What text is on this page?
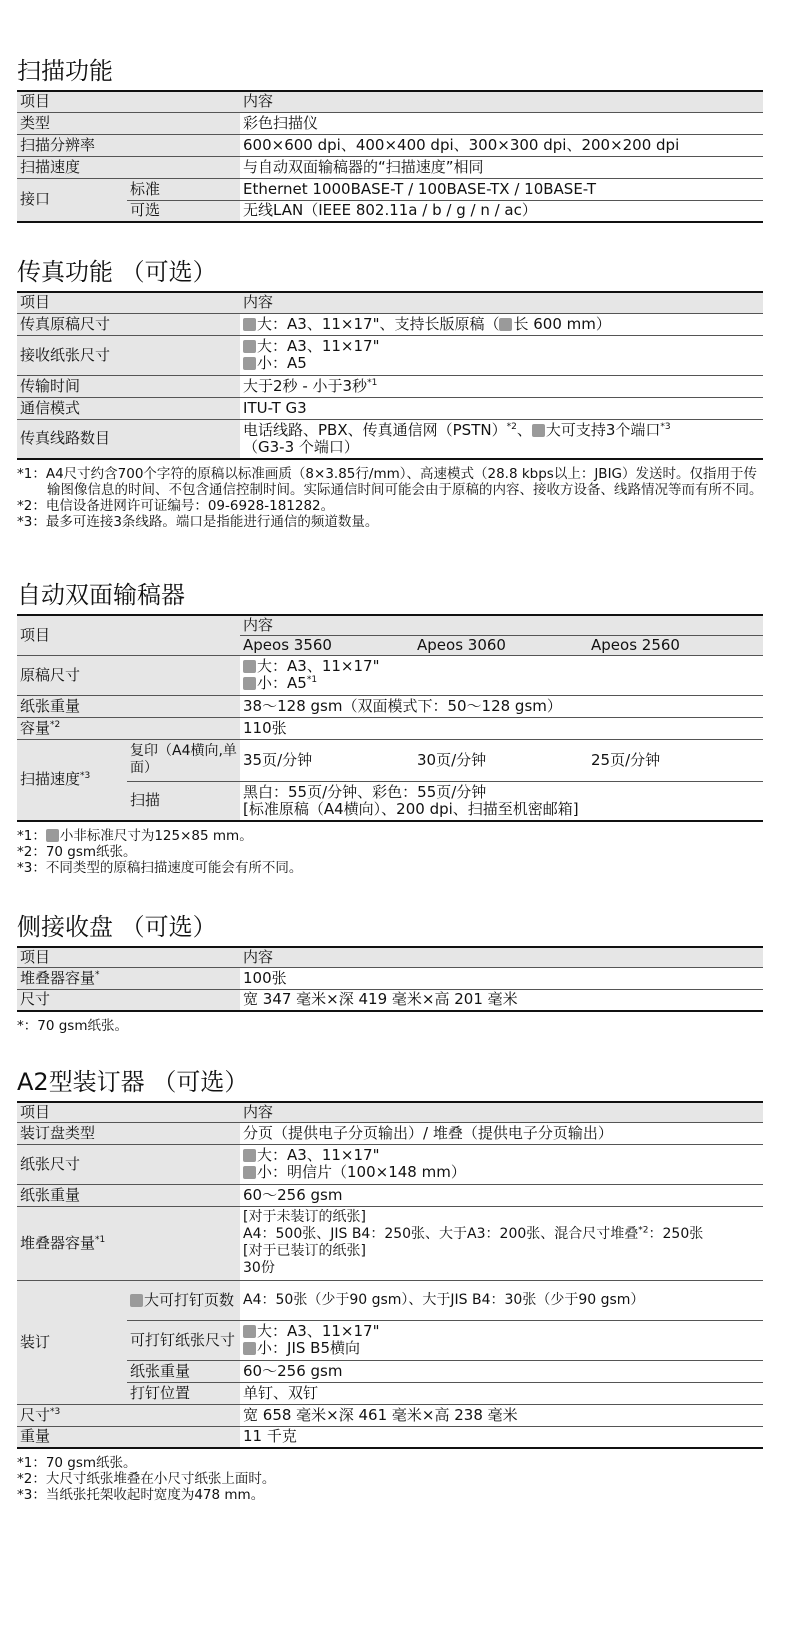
扫描功能
项目		内容
类型		彩色扫描仪
扫描分辨率		600×600 dpi、400×400 dpi、300×300 dpi、200×200 dpi
扫描速度		与自动双面输稿器的“扫描速度”相同
接口	标准	Ethernet 1000BASE-T / 100BASE-TX / 10BASE-T
	可选	无线LAN（IEEE 802.11a / b / g / n / ac）
传真功能 （可选）
项目	内容
传真原稿尺寸	大：A3、11×17"、支持长版原稿（ 长 600 mm）
接收纸张尺寸	大：A3、11×17"
小：A5

传输时间	大于2秒 - 小于3秒$^{*1}$
通信模式	ITU-T G3
传真线路数目	电话线路、PBX、传真通信网（PSTN）$^{*2}$、 大可支持3个端口$^{*3}$
（G3-3 个端口）
*1：A4尺寸约含700个字符的原稿以标准画质（8×3.85行/mm）、高速模式（28.8 kbps以上：JBIG）发送时。仅指用于传输图像信息的时间、不包含通信控制时间。实际通信时间可能会由于原稿的内容、接收方设备、线路情况等而有所不同。
*2：电信设备进网许可证编号：09-6928-181282。
*3：最多可连接3条线路。端口是指能进行通信的频道数量。
自动双面输稿器
项目		内容		
		Apeos 3560	Apeos 3060	Apeos 2560
原稿尺寸		大：A3、11×17"
小：A5$^{*1}$

纸张重量		38～128 gsm（双面模式下：50～128 gsm）		
容量$^{*2}$		110张		
扫描速度$^{*3}$	复印（A4横向,单面）	35页/分钟	30页/分钟	25页/分钟
	扫描	黑白：55页/分钟、彩色：55页/分钟
[标准原稿（A4横向）、200 dpi、扫描至机密邮箱]		
*1： 小非标准尺寸为125×85 mm。
*2：70 gsm纸张。
*3：不同类型的原稿扫描速度可能会有所不同。
侧接收盘 （可选）
项目	内容
堆叠器容量*	100张
尺寸	宽 347 毫米×深 419 毫米×高 201 毫米
*：70 gsm纸张。
A2型装订器 （可选）
项目		内容
装订盘类型		分页（提供电子分页输出）/ 堆叠（提供电子分页输出）
纸张尺寸		大：A3、11×17"
小：明信片（100×148 mm）

纸张重量		60～256 gsm
堆叠器容量$^{*1}$		[对于未装订的纸张]
A4：500张、JIS B4：250张、大于A3：200张、混合尺寸堆叠$^{*2}$：250张
[对于已装订的纸张]
30份

装订	大可打钉页数	A4：50张（少于90 gsm）、大于JIS B4：30张（少于90 gsm）
	可打钉纸张尺寸	大：A3、11×17"
小：JIS B5横向

	纸张重量	60～256 gsm
	打钉位置	单钉、双钉
尺寸$^{*3}$		宽 658 毫米×深 461 毫米×高 238 毫米
重量		11 千克
*1：70 gsm纸张。
*2：大尺寸纸张堆叠在小尺寸纸张上面时。
*3：当纸张托架收起时宽度为478 mm。
